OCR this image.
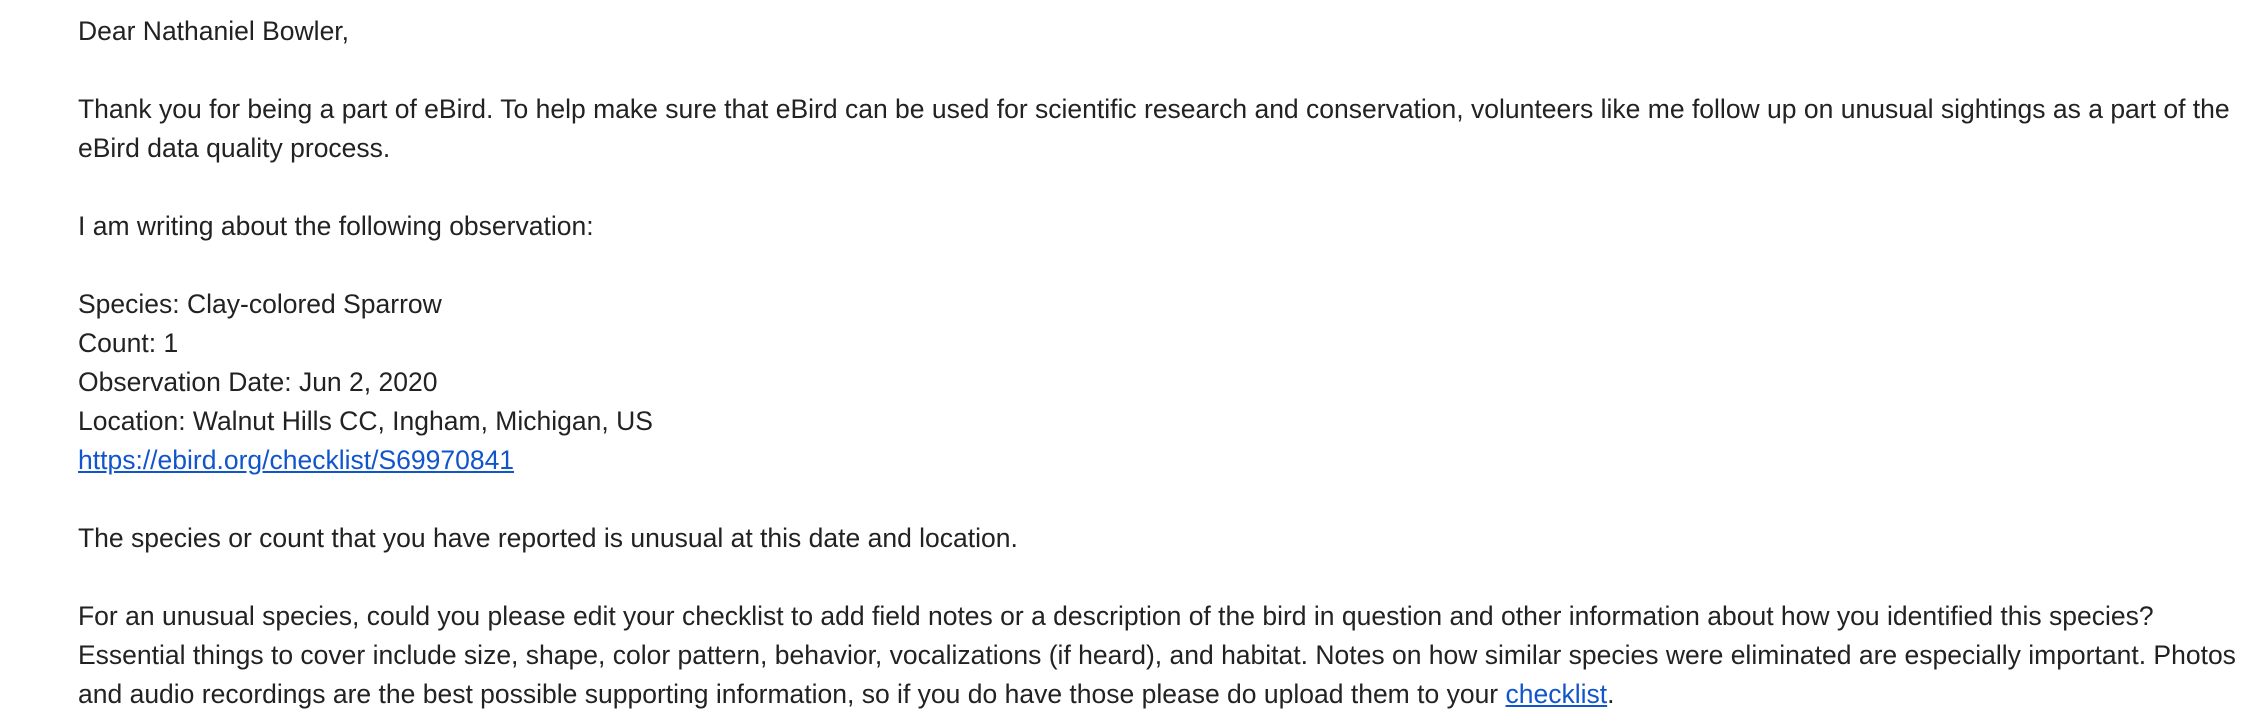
Dear Nathaniel Bowler,

Thank you for being a part of eBird. To help make sure that eBird can be used for scientific research and conservation, volunteers like me follow up on unusual sightings as a part of the eBird data quality process.

I am writing about the following observation:

Species: Clay-colored Sparrow
Count: 1
Observation Date: Jun 2, 2020
Location: Walnut Hills CC, Ingham, Michigan, US
https://ebird.org/checklist/S69970841

The species or count that you have reported is unusual at this date and location.

For an unusual species, could you please edit your checklist to add field notes or a description of the bird in question and other information about how you identified this species? Essential things to cover include size, shape, color pattern, behavior, vocalizations (if heard), and habitat. Notes on how similar species were eliminated are especially important. Photos and audio recordings are the best possible supporting information, so if you do have those please do upload them to your checklist.
